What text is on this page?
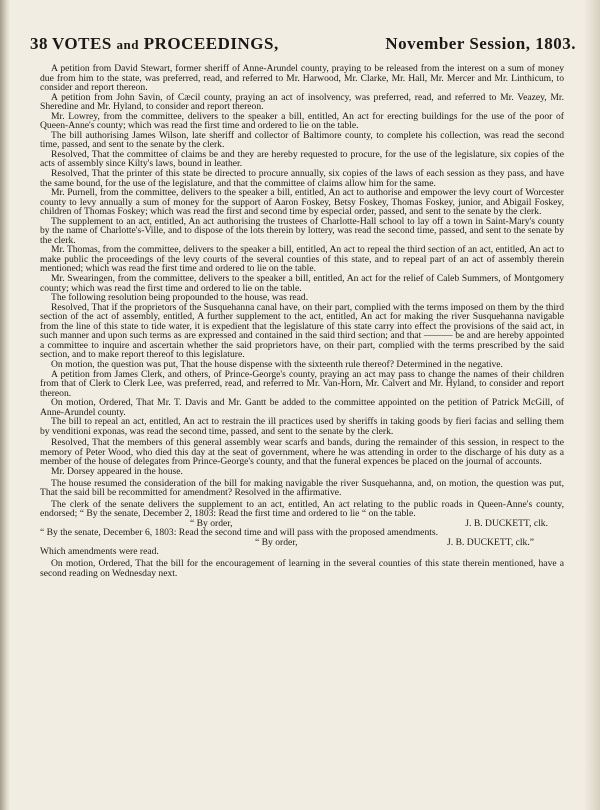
38 VOTES and PROCEEDINGS,	November Session, 1803.

A petition from David Stewart, former sheriff of Anne-Arundel county, praying to be released from the interest on a sum of money due from him to the state, was preferred, read, and referred to Mr. Harwood, Mr. Clarke, Mr. Hall, Mr. Mercer and Mr. Linthicum, to consider and report thereon.

A petition from John Savin, of Cæcil county, praying an act of insolvency, was preferred, read, and referred to Mr. Veazey, Mr. Sheredine and Mr. Hyland, to consider and report thereon.

Mr. Lowrey, from the committee, delivers to the speaker a bill, entitled, An act for erecting buildings for the use of the poor of Queen-Anne's county; which was read the first time and ordered to lie on the table.

The bill authorising James Wilson, late sheriff and collector of Baltimore county, to complete his collection, was read the second time, passed, and sent to the senate by the clerk.

Resolved, That the committee of claims be and they are hereby requested to procure, for the use of the legislature, six copies of the acts of assembly since Kilty's laws, bound in leather.

Resolved, That the printer of this state be directed to procure annually, six copies of the laws of each session as they pass, and have the same bound, for the use of the legislature, and that the committee of claims allow him for the same.

Mr. Purnell, from the committee, delivers to the speaker a bill, entitled, An act to authorise and empower the levy court of Worcester county to levy annually a sum of money for the support of Aaron Foskey, Betsy Foskey, Thomas Foskey, junior, and Abigail Foskey, children of Thomas Foskey; which was read the first and second time by especial order, passed, and sent to the senate by the clerk.

The supplement to an act, entitled, An act authorising the trustees of Charlotte-Hall school to lay off a town in Saint-Mary's county by the name of Charlotte's-Ville, and to dispose of the lots therein by lottery, was read the second time, passed, and sent to the senate by the clerk.

Mr. Thomas, from the committee, delivers to the speaker a bill, entitled, An act to repeal the third section of an act, entitled, An act to make public the proceedings of the levy courts of the several counties of this state, and to repeal part of an act of assembly therein mentioned; which was read the first time and ordered to lie on the table.

Mr. Swearingen, from the committee, delivers to the speaker a bill, entitled, An act for the relief of Caleb Summers, of Montgomery county; which was read the first time and ordered to lie on the table.

The following resolution being propounded to the house, was read.

Resolved, That if the proprietors of the Susquehanna canal have, on their part, complied with the terms imposed on them by the third section of the act of assembly, entitled, A further supplement to the act, entitled, An act for making the river Susquehanna navigable from the line of this state to tide water, it is expedient that the legislature of this state carry into effect the provisions of the said act, in such manner and upon such terms as are expressed and contained in the said third section; and that ——— be and are hereby appointed a committee to inquire and ascertain whether the said proprietors have, on their part, complied with the terms prescribed by the said section, and to make report thereof to this legislature.

On motion, the question was put, That the house dispense with the sixteenth rule thereof? Determined in the negative.

A petition from James Clerk, and others, of Prince-George's county, praying an act may pass to change the names of their children from that of Clerk to Clerk Lee, was preferred, read, and referred to Mr. Van-Horn, Mr. Calvert and Mr. Hyland, to consider and report thereon.

On motion, Ordered, That Mr. T. Davis and Mr. Gantt be added to the committee appointed on the petition of Patrick McGill, of Anne-Arundel county.

The bill to repeal an act, entitled, An act to restrain the ill practices used by sheriffs in taking goods by fieri facias and selling them by venditioni exponas, was read the second time, passed, and sent to the senate by the clerk.

Resolved, That the members of this general assembly wear scarfs and bands, during the remainder of this session, in respect to the memory of Peter Wood, who died this day at the seat of government, where he was attending in order to the discharge of his duty as a member of the house of delegates from Prince-George's county, and that the funeral expences be placed on the journal of accounts.

Mr. Dorsey appeared in the house.

The house resumed the consideration of the bill for making navigable the river Susquehanna, and, on motion, the question was put, That the said bill be recommitted for amendment? Resolved in the affirmative.

The clerk of the senate delivers the supplement to an act, entitled, An act relating to the public roads in Queen-Anne's county, endorsed; “ By the senate, December 2, 1803: Read the first time and ordered to lie “ on the table.

“ By order,	J. B. DUCKETT, clk.

“ By the senate, December 6, 1803: Read the second time and will pass with the proposed amendments.

“ By order,	J. B. DUCKETT, clk.”

Which amendments were read.

On motion, Ordered, That the bill for the encouragement of learning in the several counties of this state therein mentioned, have a second reading on Wednesday next.
